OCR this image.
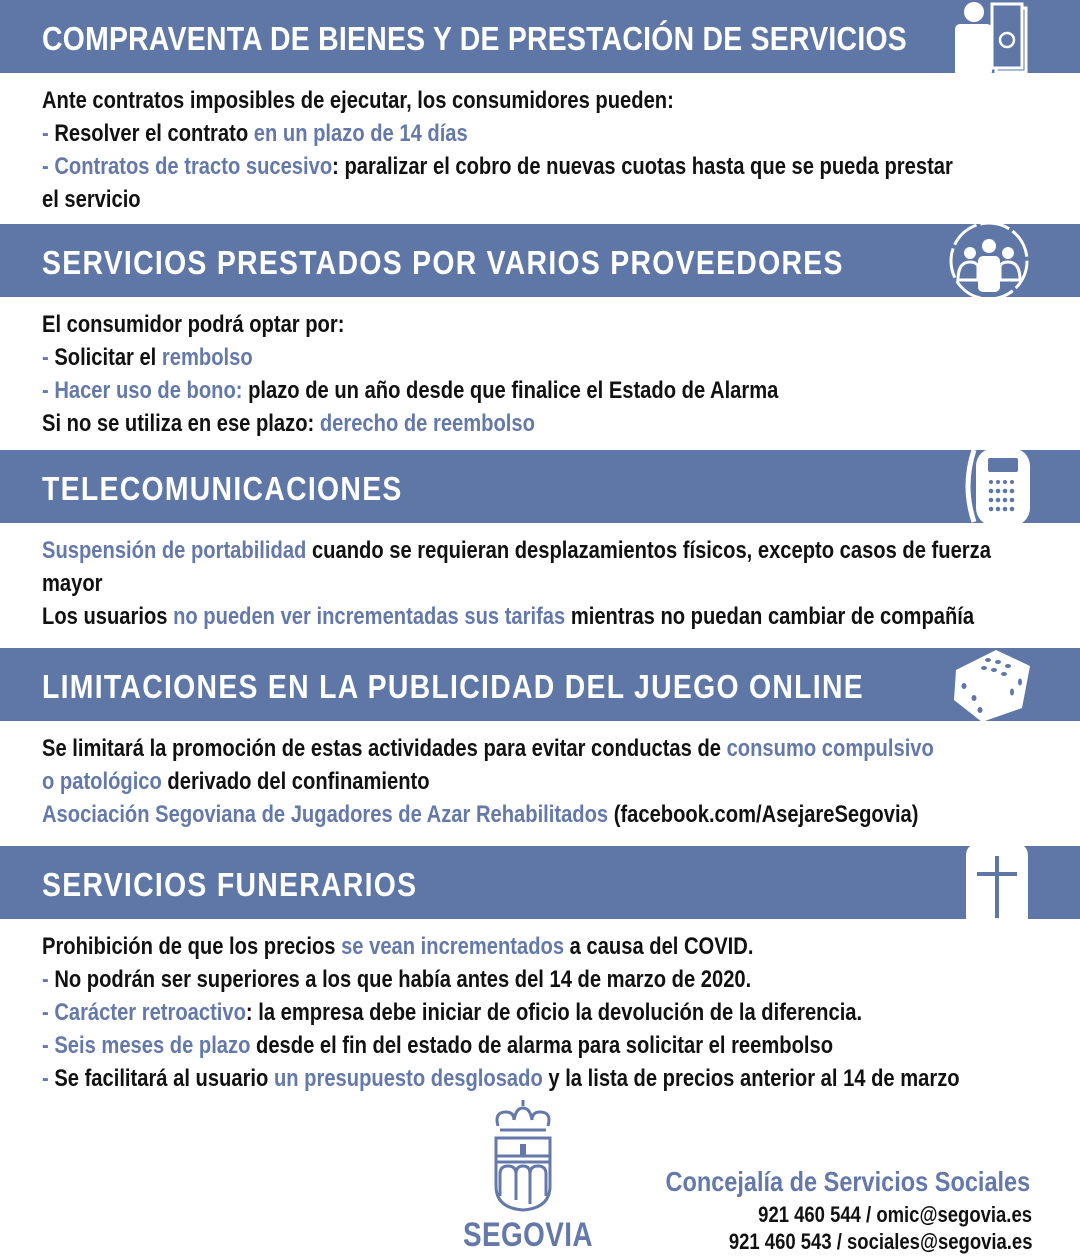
COMPRAVENTA DE BIENES Y DE PRESTACIÓN DE SERVICIOS
Ante contratos imposibles de ejecutar, los consumidores pueden:
- Resolver el contrato en un plazo de 14 días
- Contratos de tracto sucesivo: paralizar el cobro de nuevas cuotas hasta que se pueda prestar
el servicio
SERVICIOS PRESTADOS POR VARIOS PROVEEDORES
El consumidor podrá optar por:
- Solicitar el rembolso
- Hacer uso de bono: plazo de un año desde que finalice el Estado de Alarma
Si no se utiliza en ese plazo: derecho de reembolso
TELECOMUNICACIONES
Suspensión de portabilidad cuando se requieran desplazamientos físicos, excepto casos de fuerza
mayor
Los usuarios no pueden ver incrementadas sus tarifas mientras no puedan cambiar de compañía
LIMITACIONES EN LA PUBLICIDAD DEL JUEGO ONLINE
Se limitará la promoción de estas actividades para evitar conductas de consumo compulsivo
o patológico derivado del confinamiento
Asociación Segoviana de Jugadores de Azar Rehabilitados (facebook.com/AsejareSegovia)
SERVICIOS FUNERARIOS
Prohibición de que los precios se vean incrementados a causa del COVID.
- No podrán ser superiores a los que había antes del 14 de marzo de 2020.
- Carácter retroactivo: la empresa debe iniciar de oficio la devolución de la diferencia.
- Seis meses de plazo desde el fin del estado de alarma para solicitar el reembolso
- Se facilitará al usuario un presupuesto desglosado y la lista de precios anterior al 14 de marzo
SEGOVIA
Concejalía de Servicios Sociales
921 460 544 / omic@segovia.es
921 460 543 / sociales@segovia.es
